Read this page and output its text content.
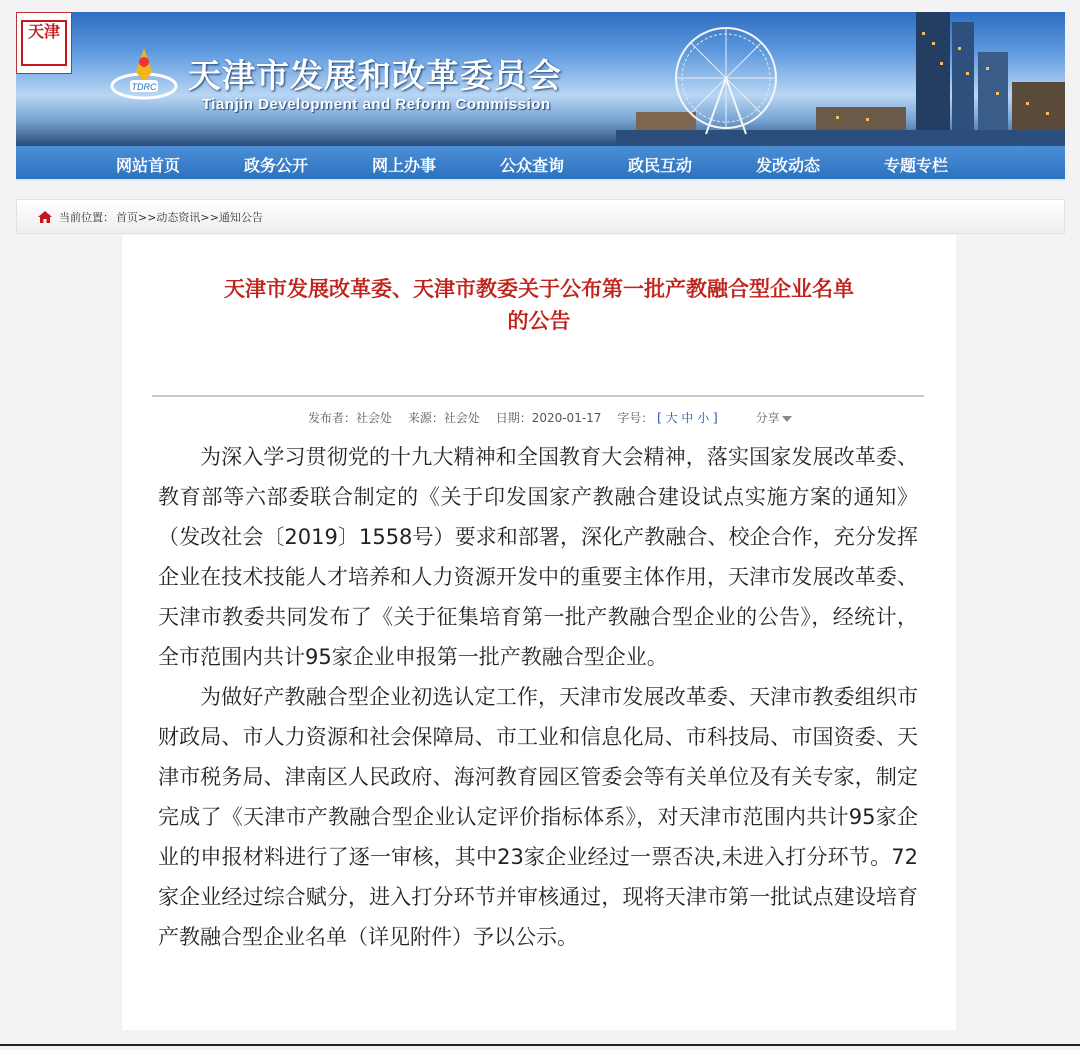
天津
TDRC 天津市发展和改革委员会
Tianjin Development and Reform Commission
网站首页	政务公开	网上办事	公众查询	政民互动	发改动态	专题专栏
当前位置： 首页>>动态资讯>>通知公告
天津市发展改革委、天津市教委关于公布第一批产教融合型企业名单
的公告
发布者：社会处 来源：社会处 日期：2020-01-17 字号： [ 大 中 小 ]	分享

为深入学习贯彻党的十九大精神和全国教育大会精神，落实国家发展改革委、教育部等六部委联合制定的《关于印发国家产教融合建设试点实施方案的通知》（发改社会〔2019〕1558号）要求和部署，深化产教融合、校企合作，充分发挥企业在技术技能人才培养和人力资源开发中的重要主体作用，天津市发展改革委、天津市教委共同发布了《关于征集培育第一批产教融合型企业的公告》，经统计，全市范围内共计95家企业申报第一批产教融合型企业。

为做好产教融合型企业初选认定工作，天津市发展改革委、天津市教委组织市财政局、市人力资源和社会保障局、市工业和信息化局、市科技局、市国资委、天津市税务局、津南区人民政府、海河教育园区管委会等有关单位及有关专家，制定完成了《天津市产教融合型企业认定评价指标体系》，对天津市范围内共计95家企业的申报材料进行了逐一审核，其中23家企业经过一票否决,未进入打分环节。72家企业经过综合赋分，进入打分环节并审核通过，现将天津市第一批试点建设培育产教融合型企业名单（详见附件）予以公示。
